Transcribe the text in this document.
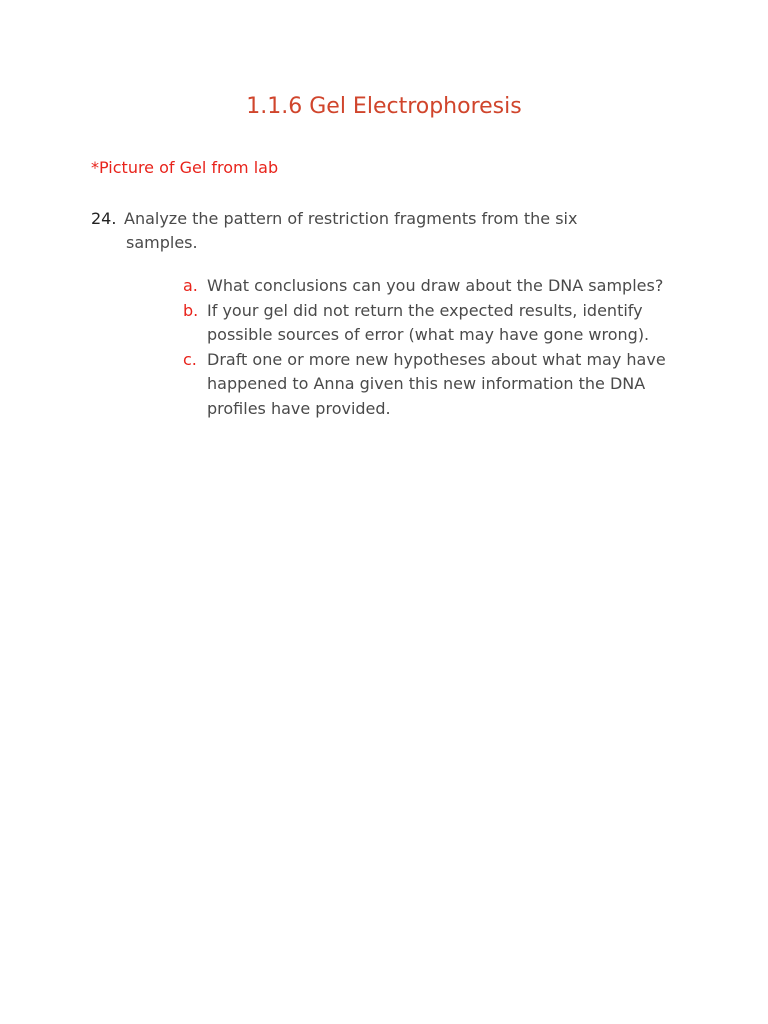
1.1.6 Gel Electrophoresis
*Picture of Gel from lab
24. Analyze the pattern of restriction fragments from the six samples.
a. What conclusions can you draw about the DNA samples?
b. If your gel did not return the expected results, identify possible sources of error (what may have gone wrong).
c. Draft one or more new hypotheses about what may have happened to Anna given this new information the DNA profiles have provided.
